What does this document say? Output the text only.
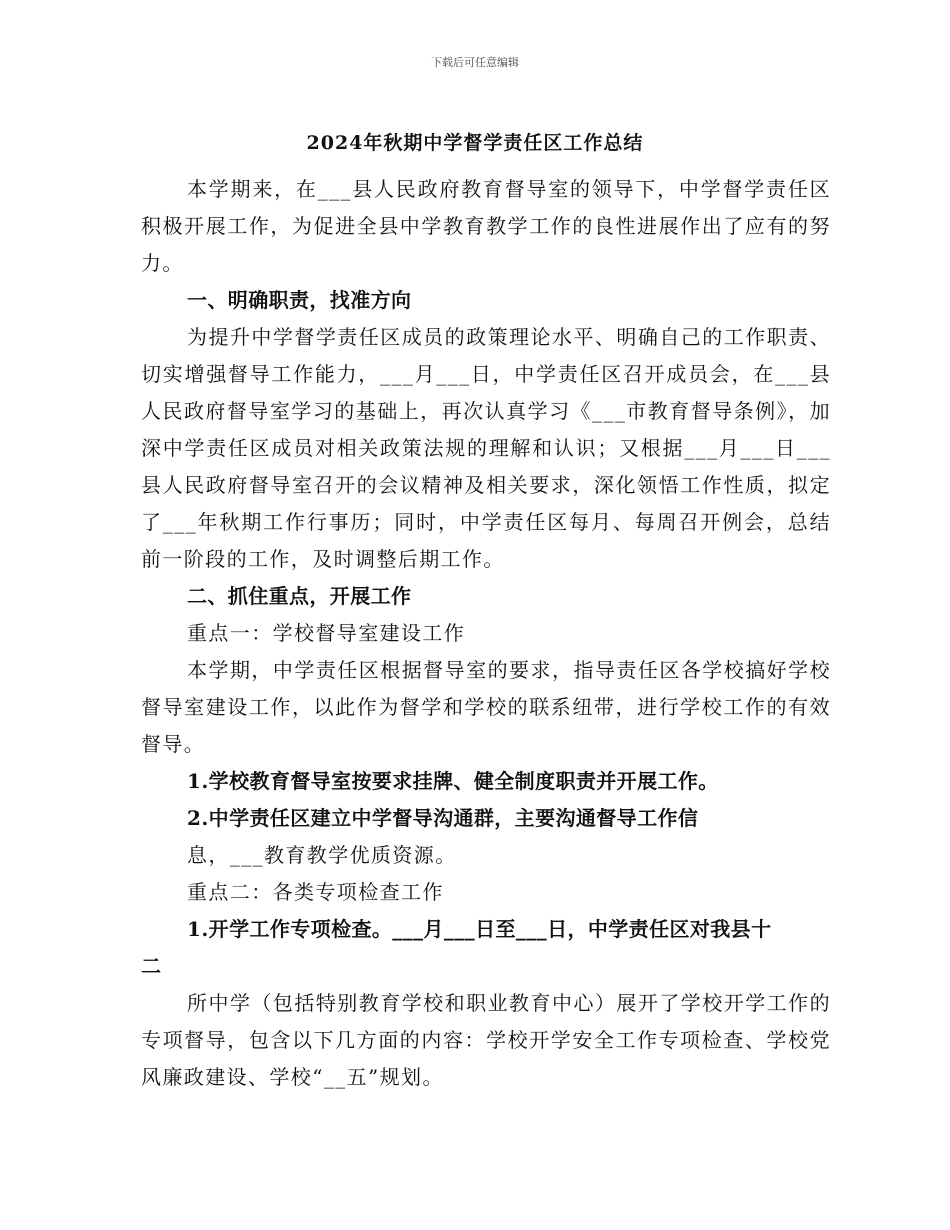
下载后可任意编辑
2024年秋期中学督学责任区工作总结

本学期来，在___县人民政府教育督导室的领导下，中学督学责任区积极开展工作，为促进全县中学教育教学工作的良性进展作出了应有的努力。

一、明确职责，找准方向

为提升中学督学责任区成员的政策理论水平、明确自己的工作职责、切实增强督导工作能力，___月___日，中学责任区召开成员会，在___县人民政府督导室学习的基础上，再次认真学习《___市教育督导条例》，加深中学责任区成员对相关政策法规的理解和认识；又根据___月___日___县人民政府督导室召开的会议精神及相关要求，深化领悟工作性质，拟定了___年秋期工作行事历；同时，中学责任区每月、每周召开例会，总结前一阶段的工作，及时调整后期工作。

二、抓住重点，开展工作

重点一：学校督导室建设工作

本学期，中学责任区根据督导室的要求，指导责任区各学校搞好学校督导室建设工作，以此作为督学和学校的联系纽带，进行学校工作的有效督导。

1.学校教育督导室按要求挂牌、健全制度职责并开展工作。

2.中学责任区建立中学督导沟通群，主要沟通督导工作信

息，___教育教学优质资源。

重点二：各类专项检查工作

1.开学工作专项检查。___月___日至___日，中学责任区对我县十

二

所中学（包括特别教育学校和职业教育中心）展开了学校开学工作的专项督导，包含以下几方面的内容：学校开学安全工作专项检查、学校党风廉政建设、学校“__五”规划。
